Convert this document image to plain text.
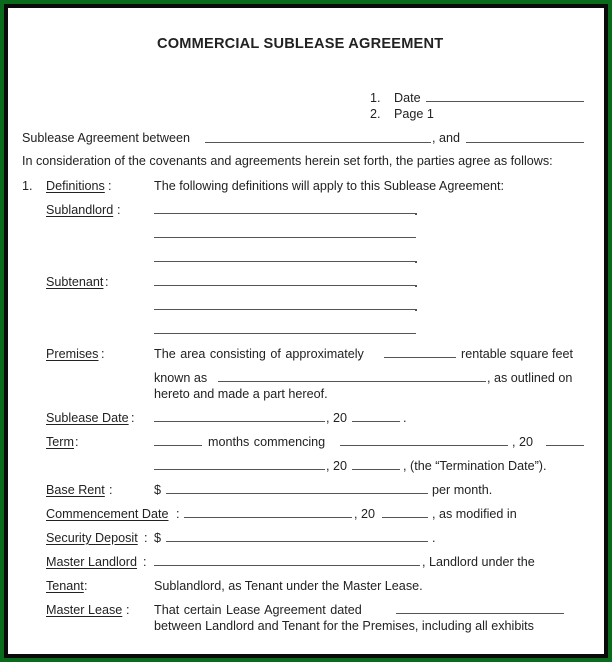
COMMERCIAL SUBLEASE AGREEMENT
1. Date
2. Page 1
Sublease Agreement between	, and
In consideration of the covenants and agreements herein set forth, the parties agree as follows:
1. Definitions :	The following definitions will apply to this Sublease Agreement:
Sublandlord :
Subtenant :
Premises :	The area consisting of approximately	rentable square feet
known as	, as outlined on
hereto and made a part hereof.
Sublease Date :	, 20	.
Term :	months commencing	, 20
, 20	, (the “Termination Date”).
Base Rent :	$	per month.
Commencement Date :	, 20	, as modified in
Security Deposit : $	.
Master Landlord :	, Landlord under the
Tenant :	Sublandlord, as Tenant under the Master Lease.
Master Lease : That certain Lease Agreement dated
between Landlord and Tenant for the Premises, including all exhibits
